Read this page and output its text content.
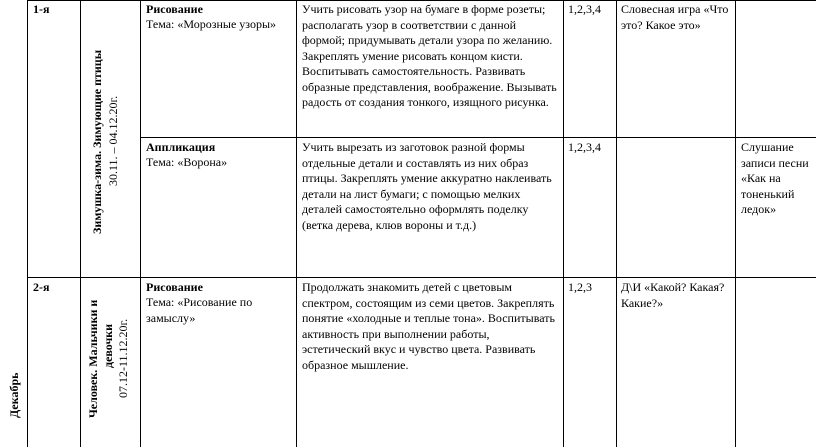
Декабрь
1-я
Зимушка-зима. Зимующие птицы 30.11. – 04.12.20г.
Рисование
Тема: «Морозные узоры»
Учить рисовать узор на бумаге в форме розеты; располагать узор в соответствии с данной формой; придумывать детали узора по желанию. Закреплять умение рисовать концом кисти. Воспитывать самостоятельность. Развивать образные представления, воображение. Вызывать радость от создания тонкого, изящного рисунка.
1,2,3,4 Словесная игра «Что это? Какое это»
Аппликация
Тема: «Ворона»
Учить вырезать из заготовок разной формы отдельные детали и составлять из них образ птицы. Закреплять умение аккуратно наклеивать детали на лист бумаги; с помощью мелких деталей самостоятельно оформлять поделку (ветка дерева, клюв вороны и т.д.)
1,2,3,4	Слушание записи песни «Как на тоненький ледок»
2-я
Человек. Мальчики и девочки 07.12-11.12.20г.
Рисование
Тема: «Рисование по замыслу»
Продолжать знакомить детей с цветовым спектром, состоящим из семи цветов. Закреплять понятие «холодные и теплые тона». Воспитывать активность при выполнении работы, эстетический вкус и чувство цвета. Развивать образное мышление.
1,2,3 Д\И «Какой? Какая? Какие?»
